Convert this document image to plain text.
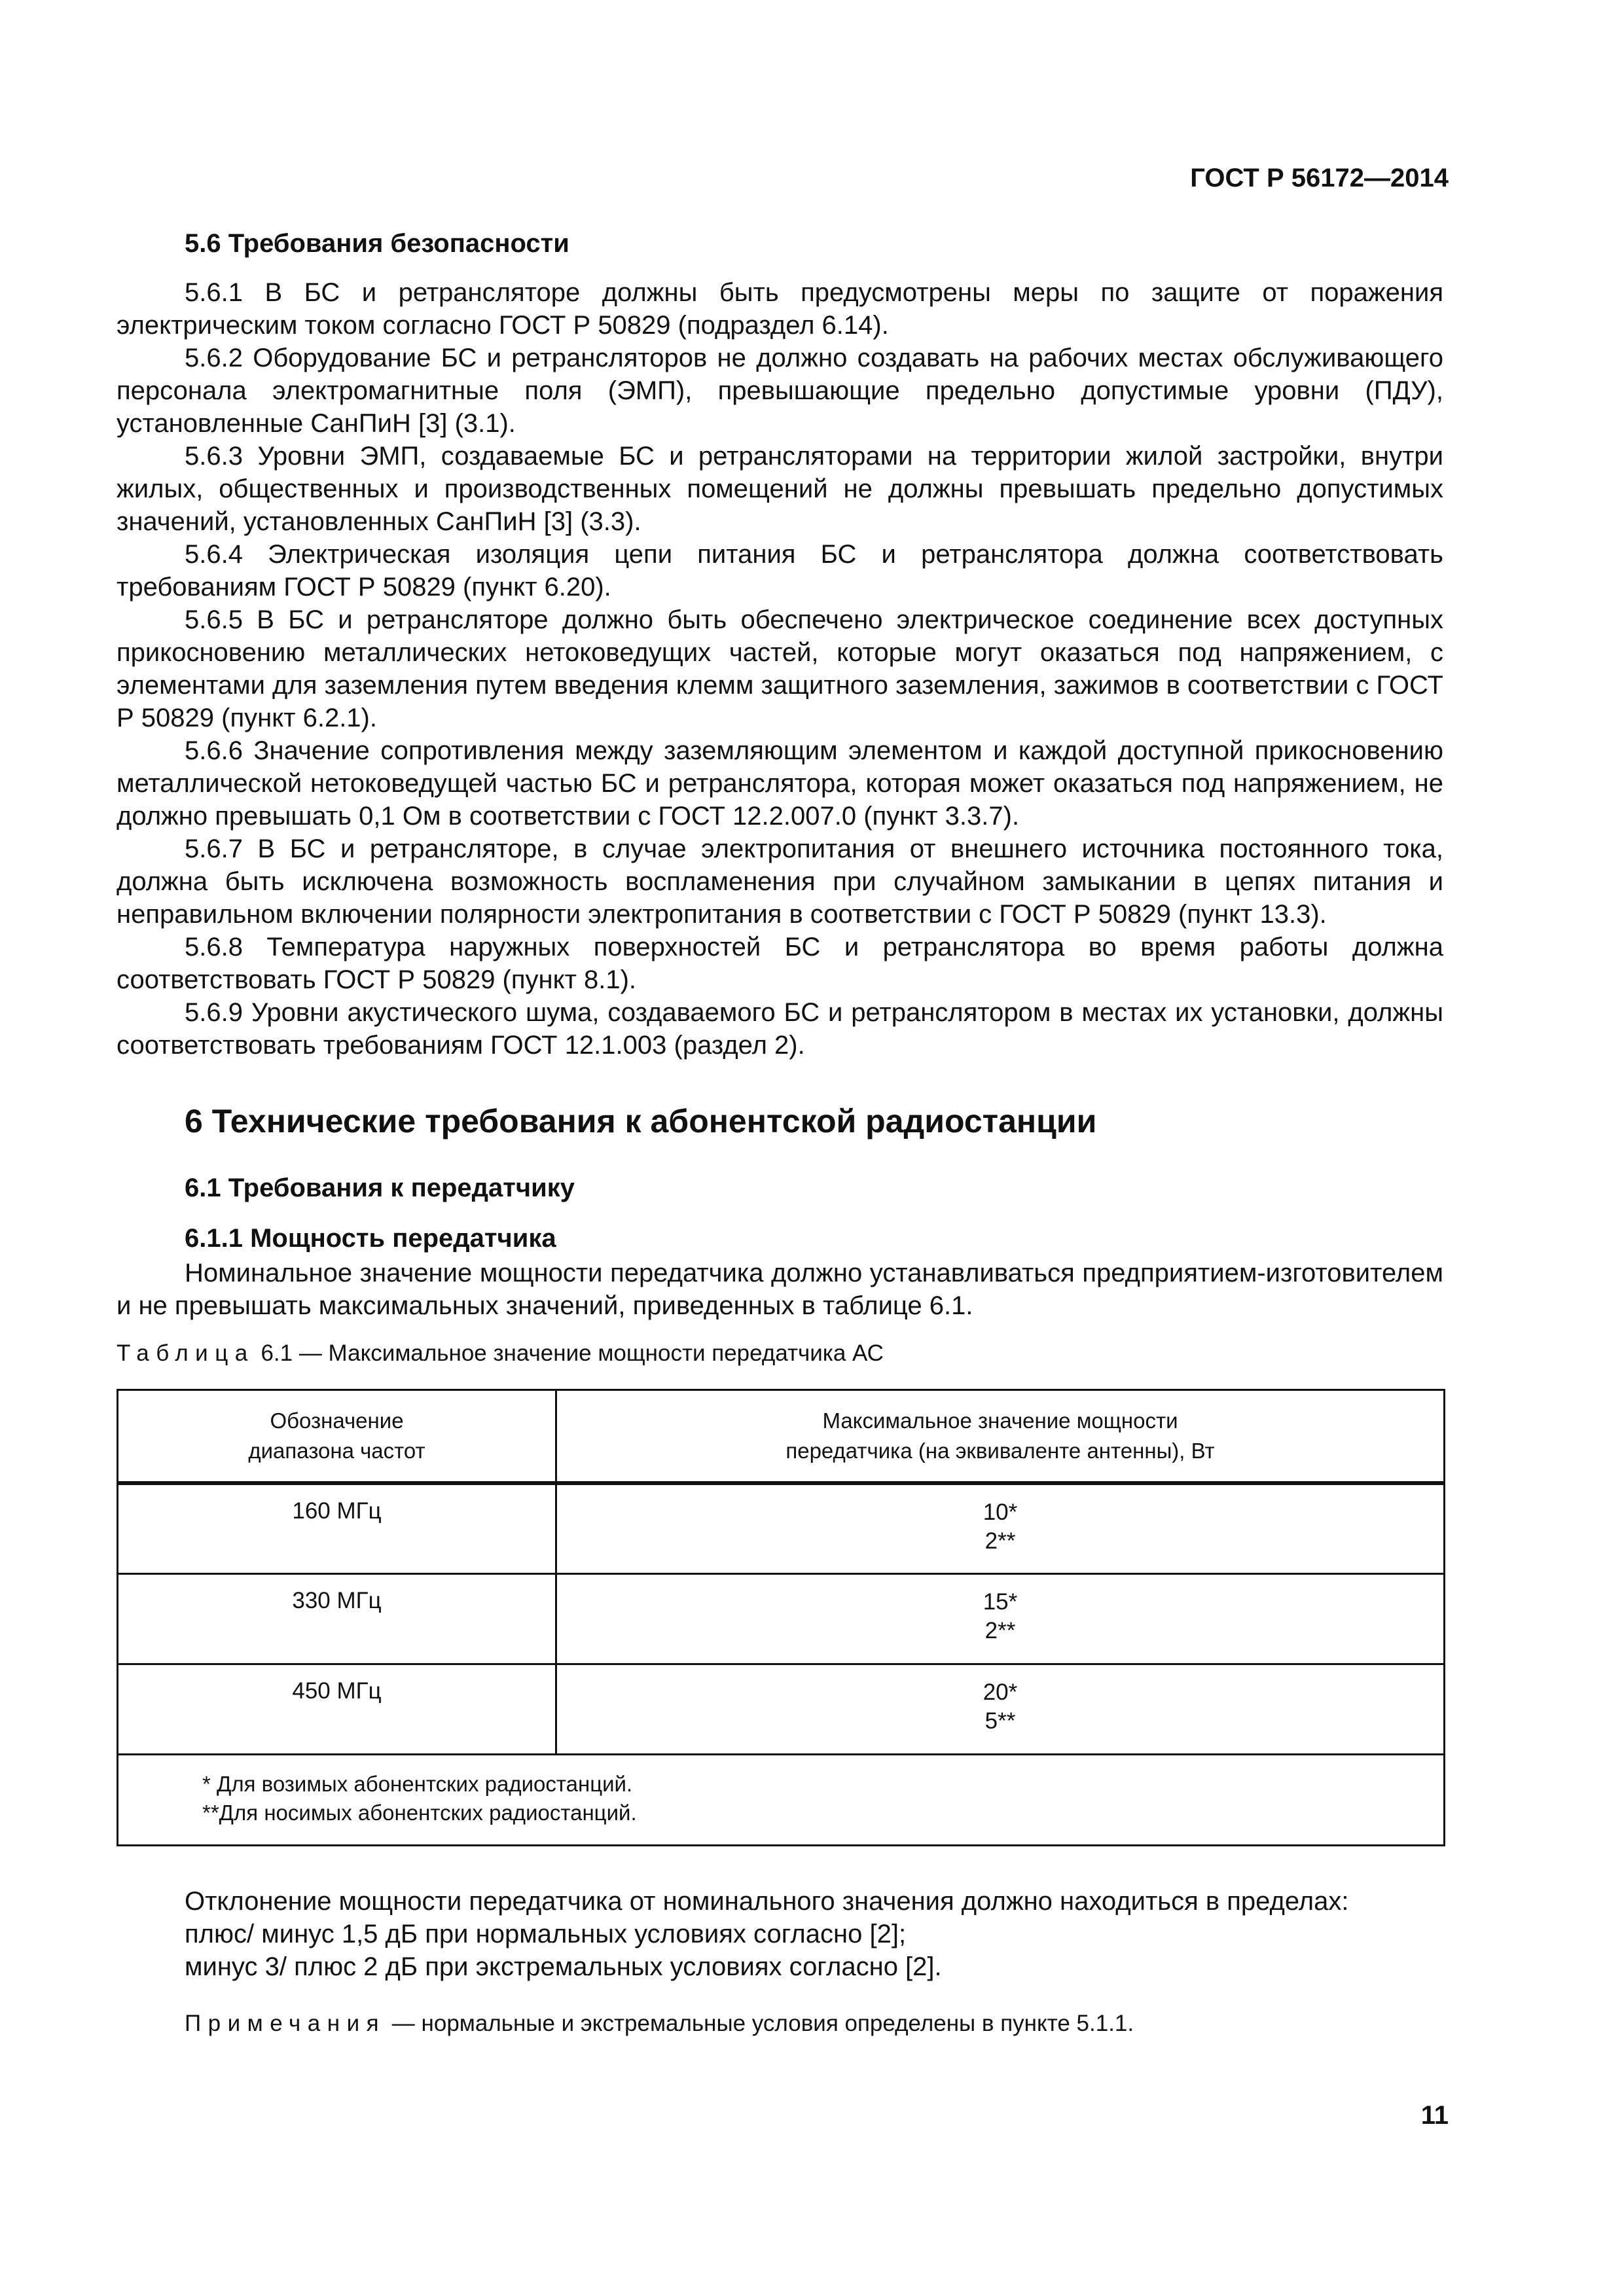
ГОСТ Р 56172—2014
5.6 Требования безопасности

5.6.1 В БС и ретрансляторе должны быть предусмотрены меры по защите от поражения электрическим током согласно ГОСТ Р 50829 (подраздел 6.14).

5.6.2 Оборудование БС и ретрансляторов не должно создавать на рабочих местах обслуживающего персонала электромагнитные поля (ЭМП), превышающие предельно допустимые уровни (ПДУ), установленные СанПиН [3] (3.1).

5.6.3 Уровни ЭМП, создаваемые БС и ретрансляторами на территории жилой застройки, внутри жилых, общественных и производственных помещений не должны превышать предельно допустимых значений, установленных СанПиН [3] (3.3).

5.6.4 Электрическая изоляция цепи питания БС и ретранслятора должна соответствовать требованиям ГОСТ Р 50829 (пункт 6.20).

5.6.5 В БС и ретрансляторе должно быть обеспечено электрическое соединение всех доступных прикосновению металлических нетоковедущих частей, которые могут оказаться под напряжением, с элементами для заземления путем введения клемм защитного заземления, зажимов в соответствии с ГОСТ Р 50829 (пункт 6.2.1).

5.6.6 Значение сопротивления между заземляющим элементом и каждой доступной прикосновению металлической нетоковедущей частью БС и ретранслятора, которая может оказаться под напряжением, не должно превышать 0,1 Ом в соответствии с ГОСТ 12.2.007.0 (пункт 3.3.7).

5.6.7 В БС и ретрансляторе, в случае электропитания от внешнего источника постоянного тока, должна быть исключена возможность воспламенения при случайном замыкании в цепях питания и неправильном включении полярности электропитания в соответствии с ГОСТ Р 50829 (пункт 13.3).

5.6.8 Температура наружных поверхностей БС и ретранслятора во время работы должна соответствовать ГОСТ Р 50829 (пункт 8.1).

5.6.9 Уровни акустического шума, создаваемого БС и ретранслятором в местах их установки, должны соответствовать требованиям ГОСТ 12.1.003 (раздел 2).

6 Технические требования к абонентской радиостанции
6.1 Требования к передатчику
6.1.1 Мощность передатчика

Номинальное значение мощности передатчика должно устанавливаться предприятием-изготовителем и не превышать максимальных значений, приведенных в таблице 6.1.

Таблица 6.1 — Максимальное значение мощности передатчика АС
Обозначение
диапазона частот	Максимальное значение мощности
передатчика (на эквиваленте антенны), Вт
160 МГц	10*
2**
330 МГц	15*
2**
450 МГц	20*
5**
* Для возимых абонентских радиостанций.
**Для носимых абонентских радиостанций.	
Отклонение мощности передатчика от номинального значения должно находиться в пределах:
плюс/ минус 1,5 дБ при нормальных условиях согласно [2];
минус 3/ плюс 2 дБ при экстремальных условиях согласно [2].
Примечания — нормальные и экстремальные условия определены в пункте 5.1.1.
11
